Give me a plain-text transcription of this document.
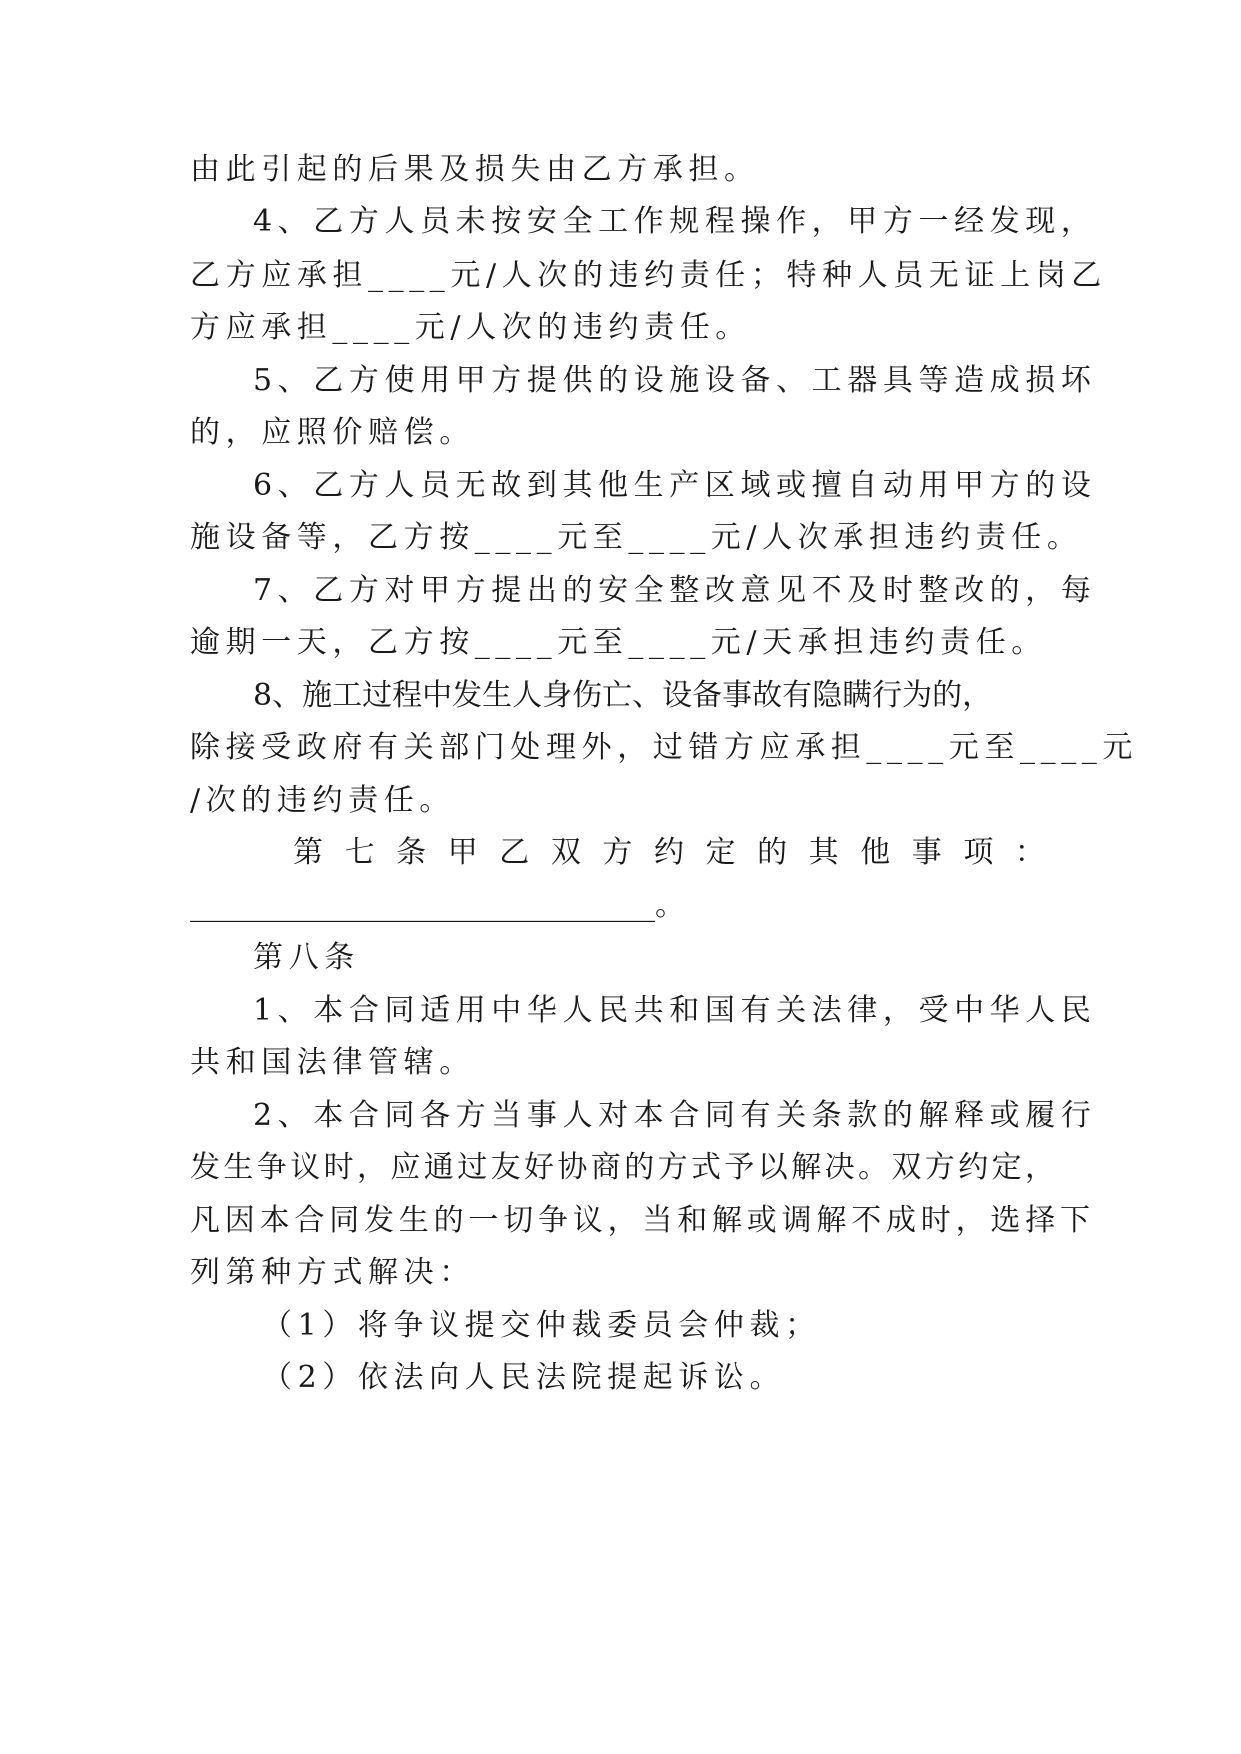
由此引起的后果及损失由乙方承担。
4、乙方人员未按安全工作规程操作，甲方一经发现，
乙方应承担____元/人次的违约责任；特种人员无证上岗乙
方应承担____元/人次的违约责任。
5、乙方使用甲方提供的设施设备、工器具等造成损坏
的，应照价赔偿。
6、乙方人员无故到其他生产区域或擅自动用甲方的设
施设备等，乙方按____元至____元/人次承担违约责任。
7、乙方对甲方提出的安全整改意见不及时整改的，每
逾期一天，乙方按____元至____元/天承担违约责任。
8、施工过程中发生人身伤亡、设备事故有隐瞒行为的，
除接受政府有关部门处理外，过错方应承担____元至____元
/次的违约责任。
第 七 条 甲 乙 双 方 约 定 的 其 他 事 项 ：
_______________________________。
第八条
1、本合同适用中华人民共和国有关法律，受中华人民
共和国法律管辖。
2、本合同各方当事人对本合同有关条款的解释或履行
发生争议时，应通过友好协商的方式予以解决。双方约定，
凡因本合同发生的一切争议，当和解或调解不成时，选择下
列第种方式解决：
（1）将争议提交仲裁委员会仲裁；
（2）依法向人民法院提起诉讼。
